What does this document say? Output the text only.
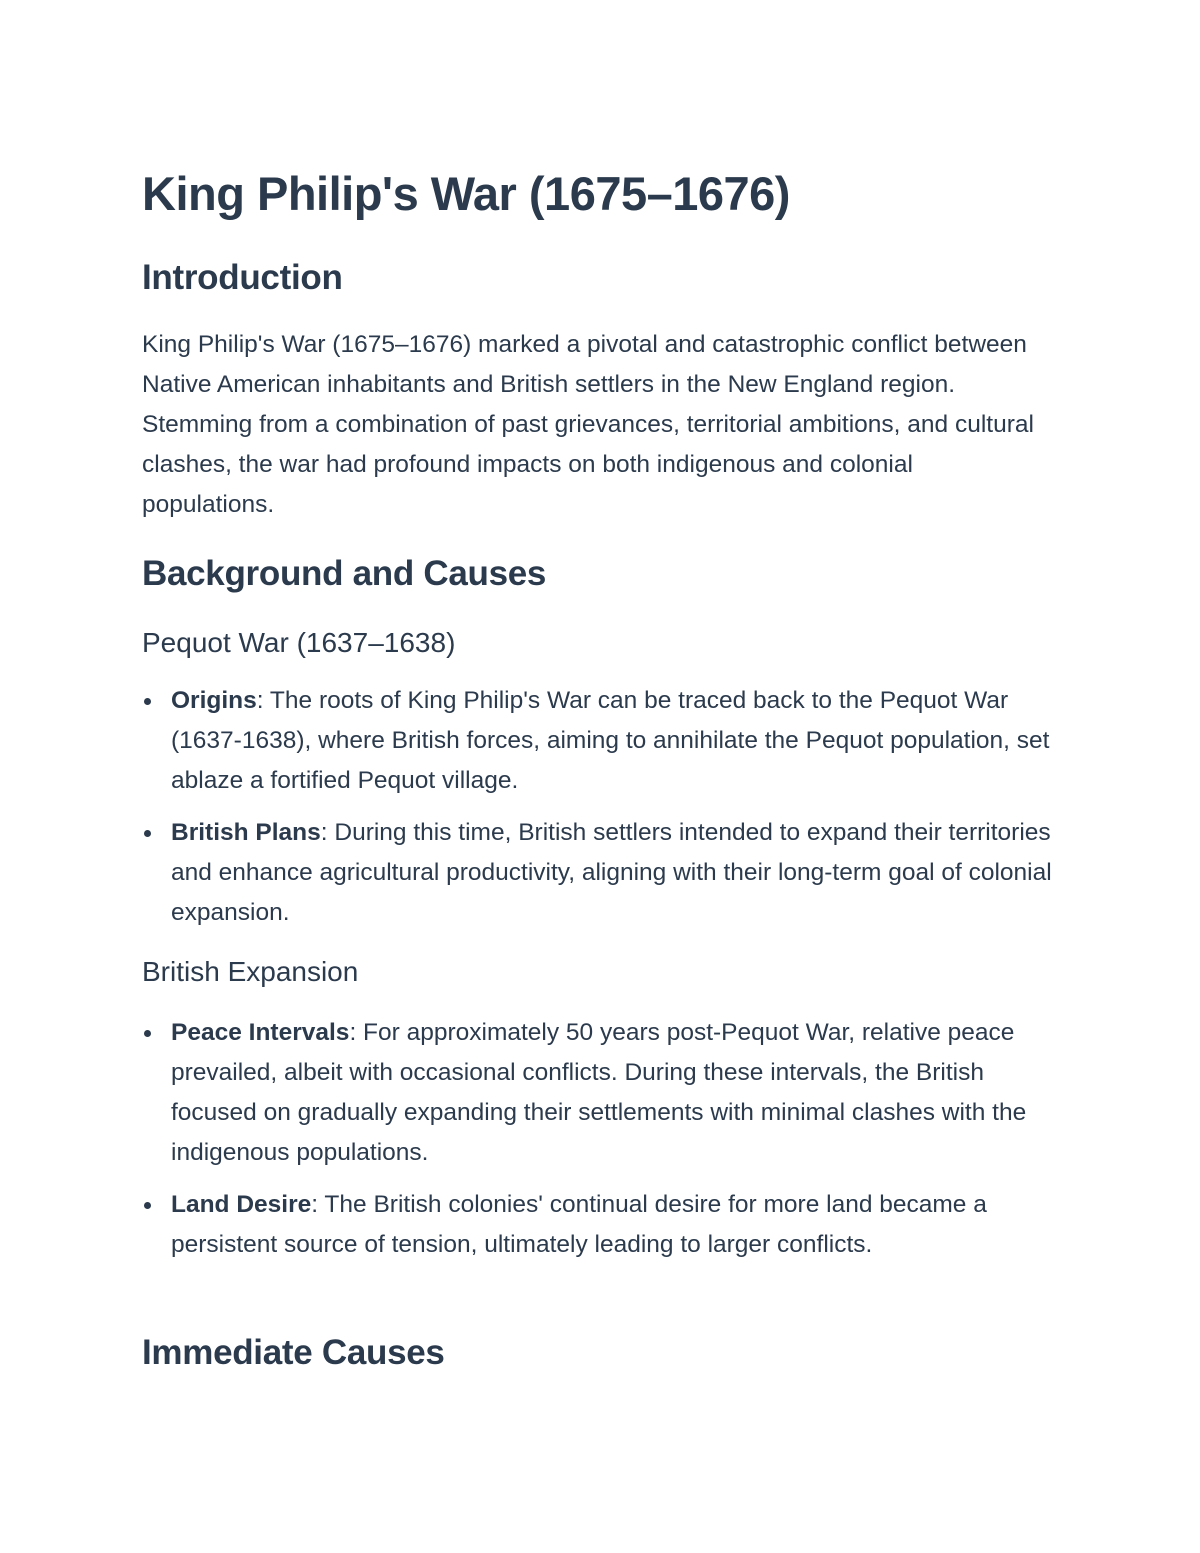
King Philip's War (1675–1676)
Introduction

King Philip's War (1675–1676) marked a pivotal and catastrophic conflict between Native American inhabitants and British settlers in the New England region. Stemming from a combination of past grievances, territorial ambitions, and cultural clashes, the war had profound impacts on both indigenous and colonial populations.

Background and Causes
Pequot War (1637–1638)
Origins: The roots of King Philip's War can be traced back to the Pequot War (1637-1638), where British forces, aiming to annihilate the Pequot population, set ablaze a fortified Pequot village.
British Plans: During this time, British settlers intended to expand their territories and enhance agricultural productivity, aligning with their long-term goal of colonial expansion.
British Expansion
Peace Intervals: For approximately 50 years post-Pequot War, relative peace prevailed, albeit with occasional conflicts. During these intervals, the British focused on gradually expanding their settlements with minimal clashes with the indigenous populations.
Land Desire: The British colonies' continual desire for more land became a persistent source of tension, ultimately leading to larger conflicts.
Immediate Causes
